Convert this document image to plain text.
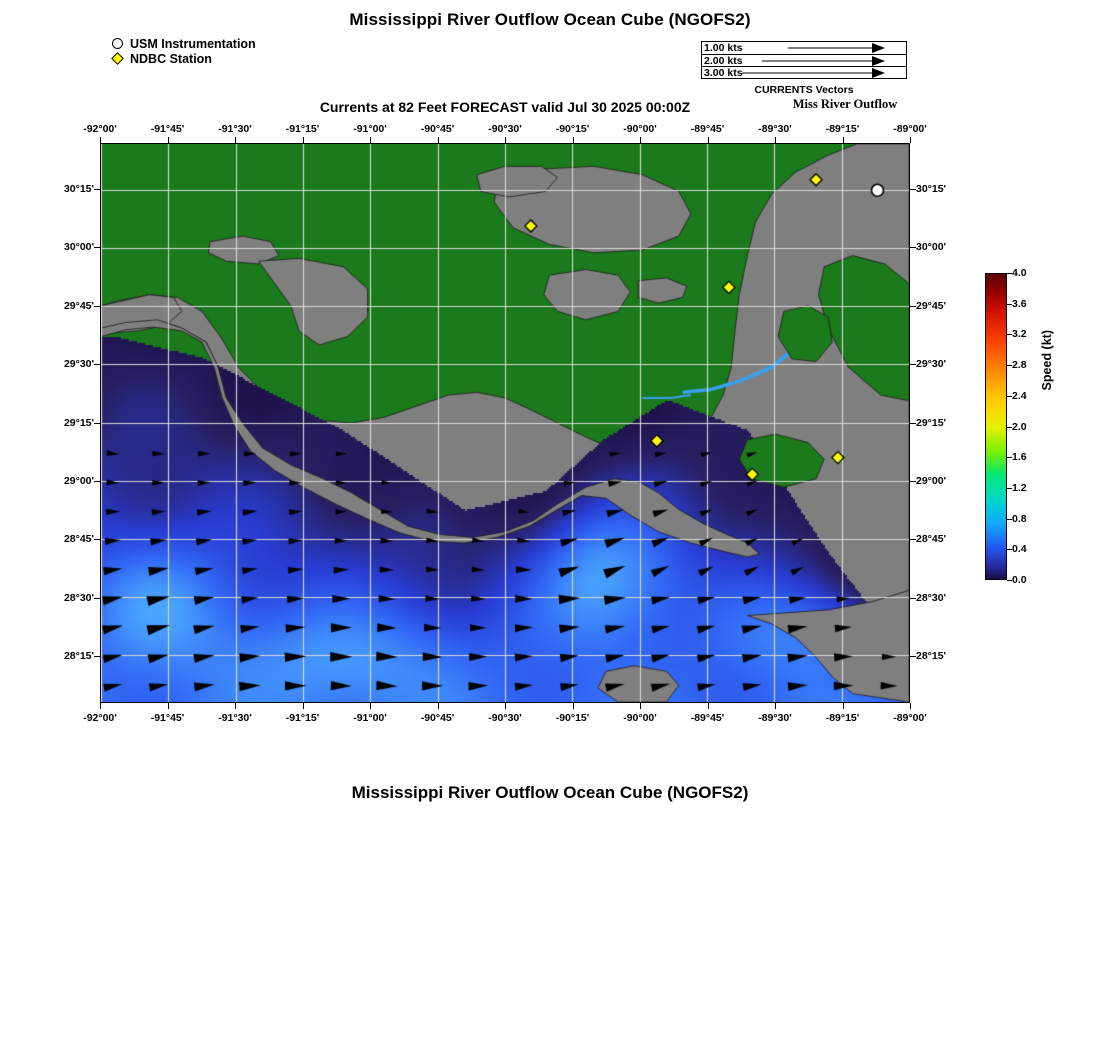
Mississippi River Outflow Ocean Cube (NGOFS2)
Currents at 82 Feet FORECAST valid Jul 30 2025 00:00Z	Miss River Outflow
Mississippi River Outflow Ocean Cube (NGOFS2)
USM Instrumentation
NDBC Station
1.00 kts
2.00 kts
3.00 kts
CURRENTS Vectors
-92°00'
-92°00'
-91°45'
-91°45'
-91°30'
-91°30'
-91°15'
-91°15'
-91°00'
-91°00'
-90°45'
-90°45'
-90°30'
-90°30'
-90°15'
-90°15'
-90°00'
-90°00'
-89°45'
-89°45'
-89°30'
-89°30'
-89°15'
-89°15'
-89°00'
-89°00'
30°15'	30°15'
30°00'	30°00'
29°45'	29°45'
29°30'	29°30'
29°15'	29°15'
29°00'	29°00'
28°45'	28°45'
28°30'	28°30'
28°15'	28°15'
4.0
3.6
3.2
2.8
2.4
2.0
1.6
1.2
0.8
0.4
0.0
Speed (kt)
